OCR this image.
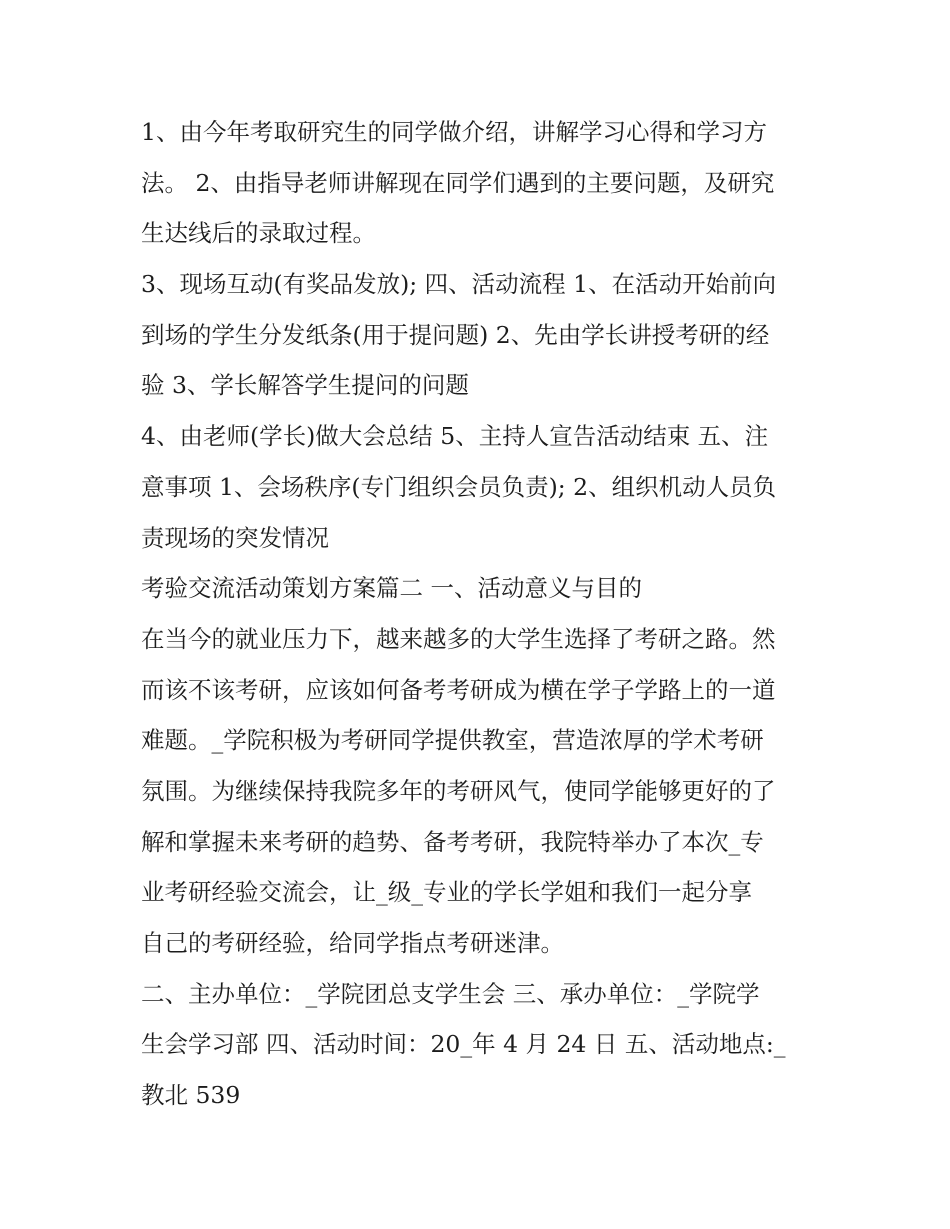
1、由今年考取研究生的同学做介绍，讲解学习心得和学习方
法。 2、由指导老师讲解现在同学们遇到的主要问题，及研究
生达线后的录取过程。
3、现场互动(有奖品发放); 四、活动流程 1、在活动开始前向
到场的学生分发纸条(用于提问题) 2、先由学长讲授考研的经
验 3、学长解答学生提问的问题
4、由老师(学长)做大会总结 5、主持人宣告活动结束 五、注
意事项 1、会场秩序(专门组织会员负责); 2、组织机动人员负
责现场的突发情况
考验交流活动策划方案篇二 一、活动意义与目的
在当今的就业压力下，越来越多的大学生选择了考研之路。然
而该不该考研，应该如何备考考研成为横在学子学路上的一道
难题。_学院积极为考研同学提供教室，营造浓厚的学术考研
氛围。为继续保持我院多年的考研风气，使同学能够更好的了
解和掌握未来考研的趋势、备考考研，我院特举办了本次_专
业考研经验交流会，让_级_专业的学长学姐和我们一起分享
自己的考研经验，给同学指点考研迷津。
二、主办单位：_学院团总支学生会 三、承办单位：_学院学
生会学习部 四、活动时间：20_年 4 月 24 日 五、活动地点:_
教北 539
